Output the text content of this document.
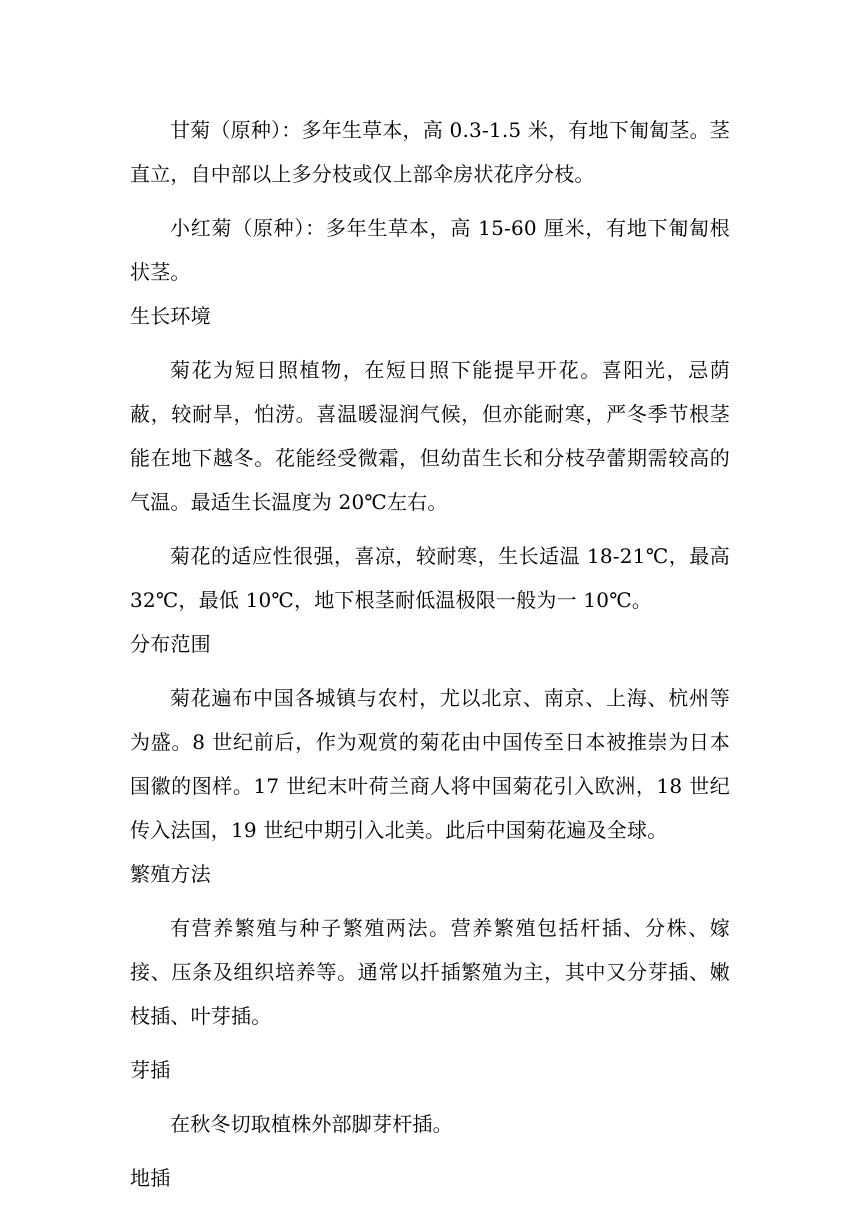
甘菊（原种）：多年生草本，高 0.3-1.5 米，有地下匍匐茎。茎直立，自中部以上多分枝或仅上部伞房状花序分枝。

小红菊（原种）：多年生草本，高 15-60 厘米，有地下匍匐根状茎。

生长环境

菊花为短日照植物，在短日照下能提早开花。喜阳光，忌荫蔽，较耐旱，怕涝。喜温暖湿润气候，但亦能耐寒，严冬季节根茎能在地下越冬。花能经受微霜，但幼苗生长和分枝孕蕾期需较高的气温。最适生长温度为 20℃左右。

菊花的适应性很强，喜凉，较耐寒，生长适温 18-21℃，最高 32℃，最低 10℃，地下根茎耐低温极限一般为一 10℃。

分布范围

菊花遍布中国各城镇与农村，尤以北京、南京、上海、杭州等为盛。8 世纪前后，作为观赏的菊花由中国传至日本被推崇为日本国徽的图样。17 世纪末叶荷兰商人将中国菊花引入欧洲，18 世纪传入法国，19 世纪中期引入北美。此后中国菊花遍及全球。

繁殖方法

有营养繁殖与种子繁殖两法。营养繁殖包括杆插、分株、嫁接、压条及组织培养等。通常以扦插繁殖为主，其中又分芽插、嫩枝插、叶芽插。

芽插

在秋冬切取植株外部脚芽杆插。

地插
